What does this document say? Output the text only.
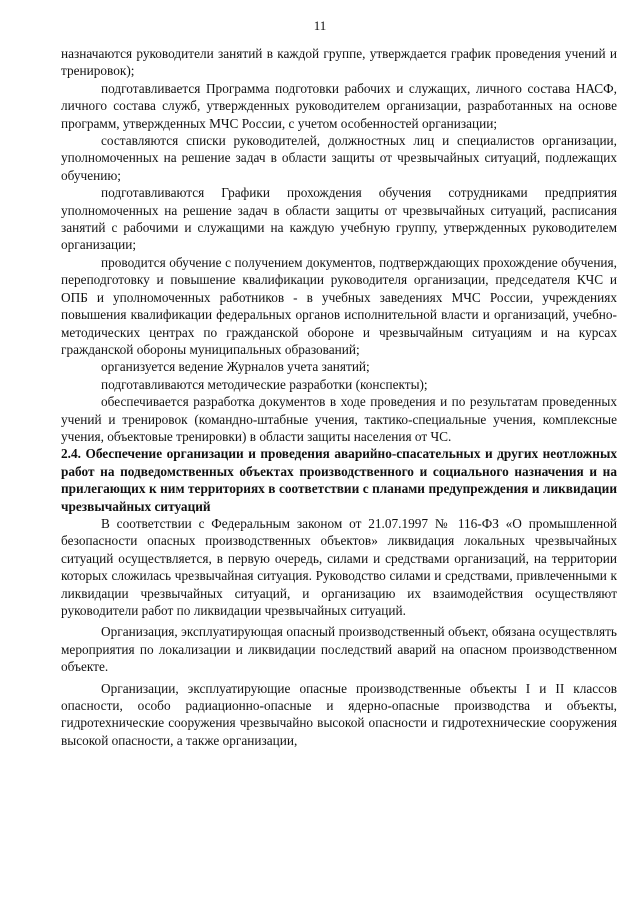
11

назначаются руководители занятий в каждой группе, утверждается график проведения учений и тренировок);

подготавливается Программа подготовки рабочих и служащих, личного состава НАСФ, личного состава служб, утвержденных руководителем организации, разработанных на основе программ, утвержденных МЧС России, с учетом особенностей организации;

составляются списки руководителей, должностных лиц и специалистов организации, уполномоченных на решение задач в области защиты от чрезвычайных ситуаций, подлежащих обучению;

подготавливаются Графики прохождения обучения сотрудниками предприятия уполномоченных на решение задач в области защиты от чрезвычайных ситуаций, расписания занятий с рабочими и служащими на каждую учебную группу, утвержденных руководителем организации;

проводится обучение с получением документов, подтверждающих прохождение обучения, переподготовку и повышение квалификации руководителя организации, председателя КЧС и ОПБ и уполномоченных работников - в учебных заведениях МЧС России, учреждениях повышения квалификации федеральных органов исполнительной власти и организаций, учебно-методических центрах по гражданской обороне и чрезвычайным ситуациям и на курсах гражданской обороны муниципальных образований;

организуется ведение Журналов учета занятий;

подготавливаются методические разработки (конспекты);

обеспечивается разработка документов в ходе проведения и по результатам проведенных учений и тренировок (командно-штабные учения, тактико-специальные учения, комплексные учения, объектовые тренировки) в области защиты населения от ЧС.

2.4. Обеспечение организации и проведения аварийно-спасательных и других неотложных работ на подведомственных объектах производственного и социального назначения и на прилегающих к ним территориях в соответствии с планами предупреждения и ликвидации чрезвычайных ситуаций

В соответствии с Федеральным законом от 21.07.1997 № 116-ФЗ «О промышленной безопасности опасных производственных объектов» ликвидация локальных чрезвычайных ситуаций осуществляется, в первую очередь, силами и средствами организаций, на территории которых сложилась чрезвычайная ситуация. Руководство силами и средствами, привлеченными к ликвидации чрезвычайных ситуаций, и организацию их взаимодействия осуществляют руководители работ по ликвидации чрезвычайных ситуаций.

Организация, эксплуатирующая опасный производственный объект, обязана осуществлять мероприятия по локализации и ликвидации последствий аварий на опасном производственном объекте.

Организации, эксплуатирующие опасные производственные объекты I и II классов опасности, особо радиационно-опасные и ядерно-опасные производства и объекты, гидротехнические сооружения чрезвычайно высокой опасности и гидротехнические сооружения высокой опасности, а также организации,
